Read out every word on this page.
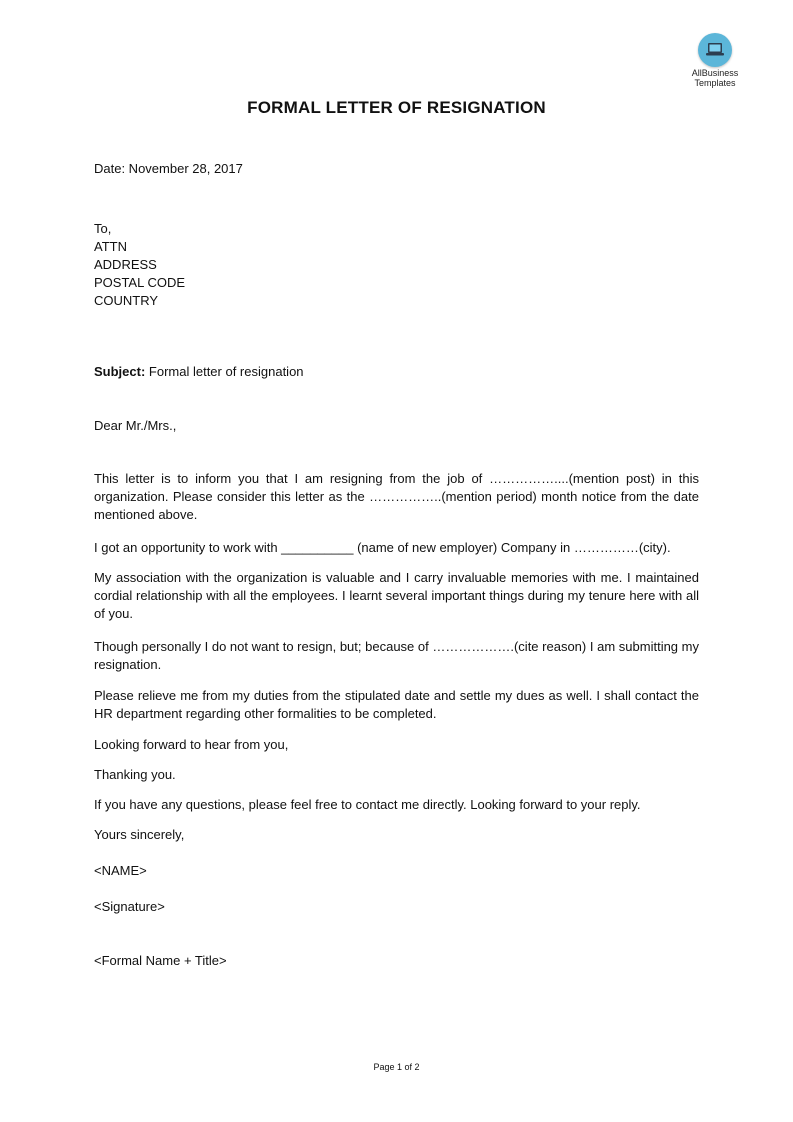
AllBusiness
Templates
FORMAL LETTER OF RESIGNATION

Date: November 28, 2017

To,
ATTN
ADDRESS
POSTAL CODE
COUNTRY

Subject: Formal letter of resignation

Dear Mr./Mrs.,

This letter is to inform you that I am resigning from the job of ……………....(mention post) in this organization. Please consider this letter as the ……………..(mention period) month notice from the date mentioned above.

I got an opportunity to work with __________ (name of new employer) Company in ……………(city).

My association with the organization is valuable and I carry invaluable memories with me. I maintained cordial relationship with all the employees. I learnt several important things during my tenure here with all of you.

Though personally I do not want to resign, but; because of ……………….(cite reason) I am submitting my resignation.

Please relieve me from my duties from the stipulated date and settle my dues as well. I shall contact the HR department regarding other formalities to be completed.

Looking forward to hear from you,

Thanking you.

If you have any questions, please feel free to contact me directly. Looking forward to your reply.

Yours sincerely,

<NAME>

<Signature>

<Formal Name + Title>

Page 1 of 2
